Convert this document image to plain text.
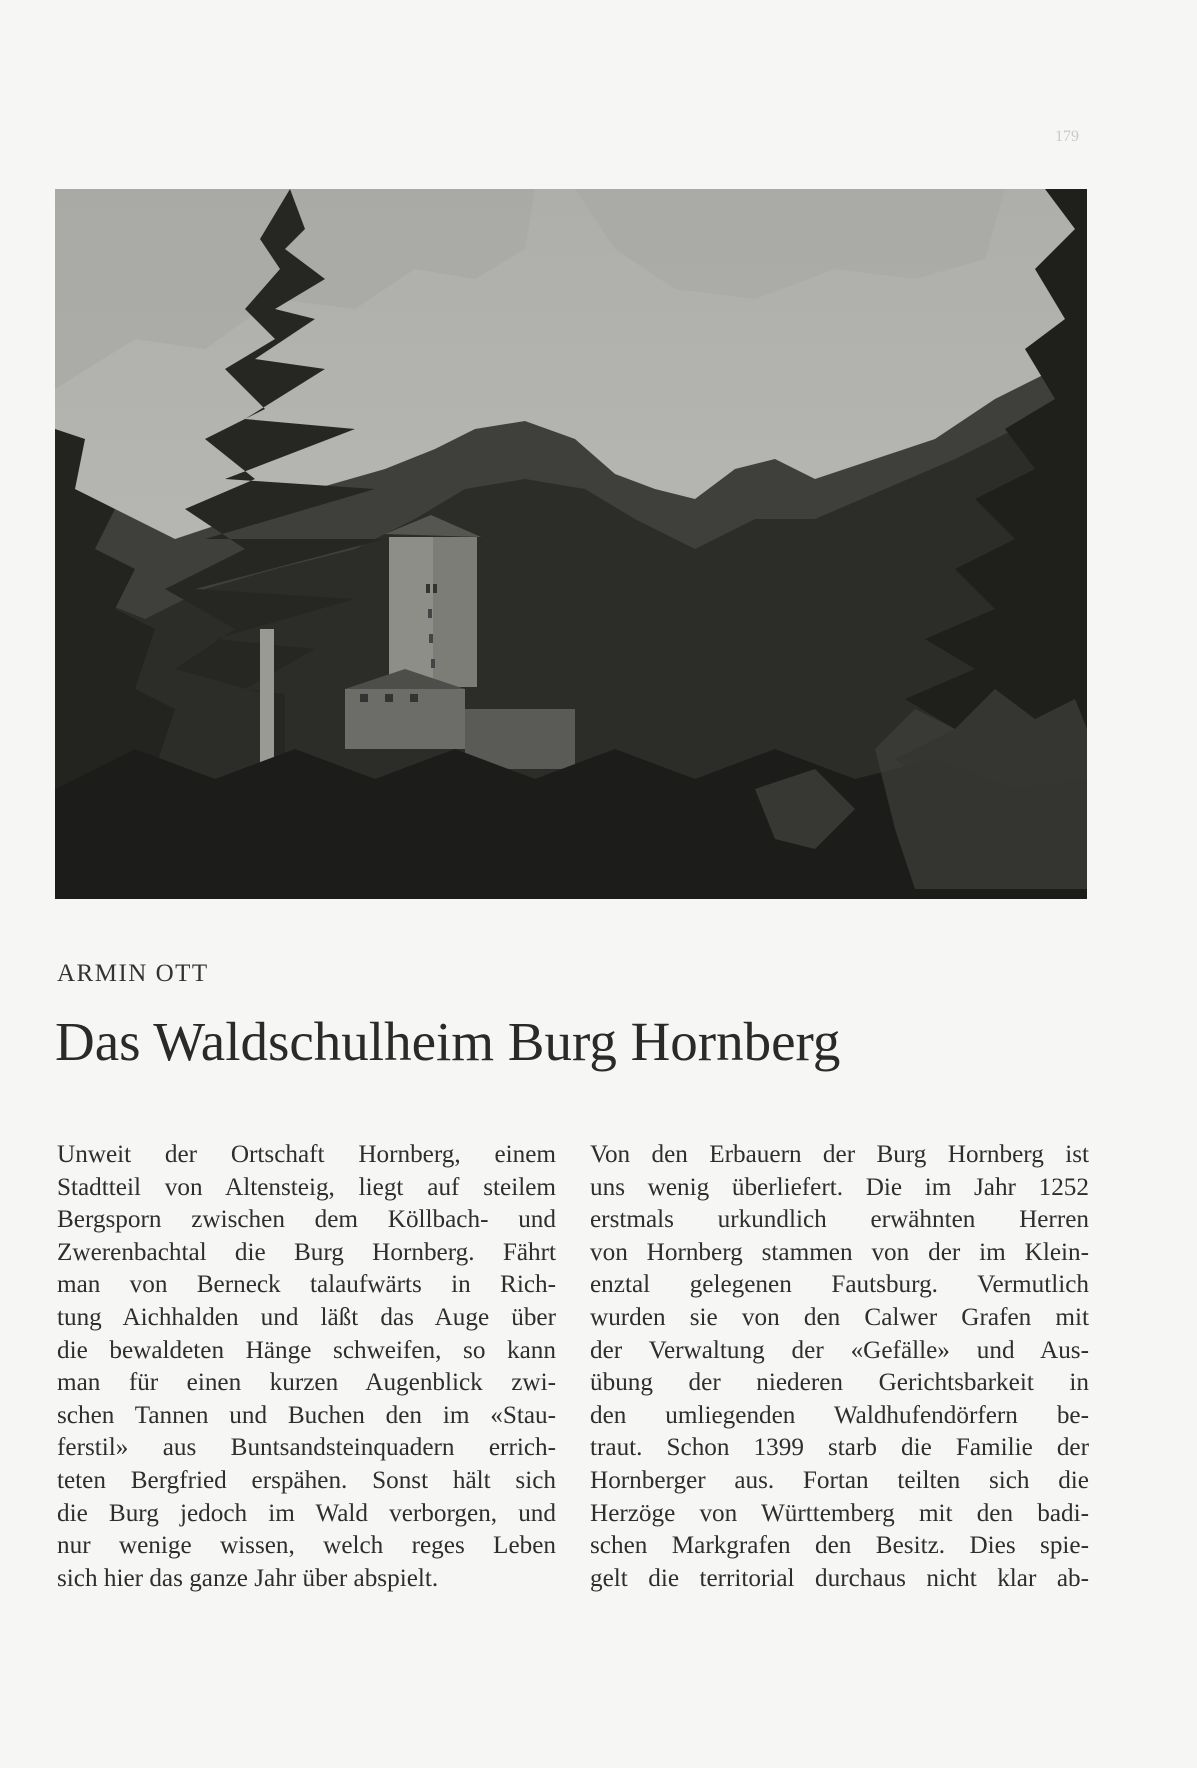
179
ARMIN OTT
Das Waldschulheim Burg Hornberg
Unweit der Ortschaft Hornberg, einem
Stadtteil von Altensteig, liegt auf steilem
Bergsporn zwischen dem Köllbach- und
Zwerenbachtal die Burg Hornberg. Fährt
man von Berneck talaufwärts in Rich-
tung Aichhalden und läßt das Auge über
die bewaldeten Hänge schweifen, so kann
man für einen kurzen Augenblick zwi-
schen Tannen und Buchen den im «Stau-
ferstil» aus Buntsandsteinquadern errich-
teten Bergfried erspähen. Sonst hält sich
die Burg jedoch im Wald verborgen, und
nur wenige wissen, welch reges Leben
sich hier das ganze Jahr über abspielt.
Von den Erbauern der Burg Hornberg ist
uns wenig überliefert. Die im Jahr 1252
erstmals urkundlich erwähnten Herren
von Hornberg stammen von der im Klein-
enztal gelegenen Fautsburg. Vermutlich
wurden sie von den Calwer Grafen mit
der Verwaltung der «Gefälle» und Aus-
übung der niederen Gerichtsbarkeit in
den umliegenden Waldhufendörfern be-
traut. Schon 1399 starb die Familie der
Hornberger aus. Fortan teilten sich die
Herzöge von Württemberg mit den badi-
schen Markgrafen den Besitz. Dies spie-
gelt die territorial durchaus nicht klar ab-
